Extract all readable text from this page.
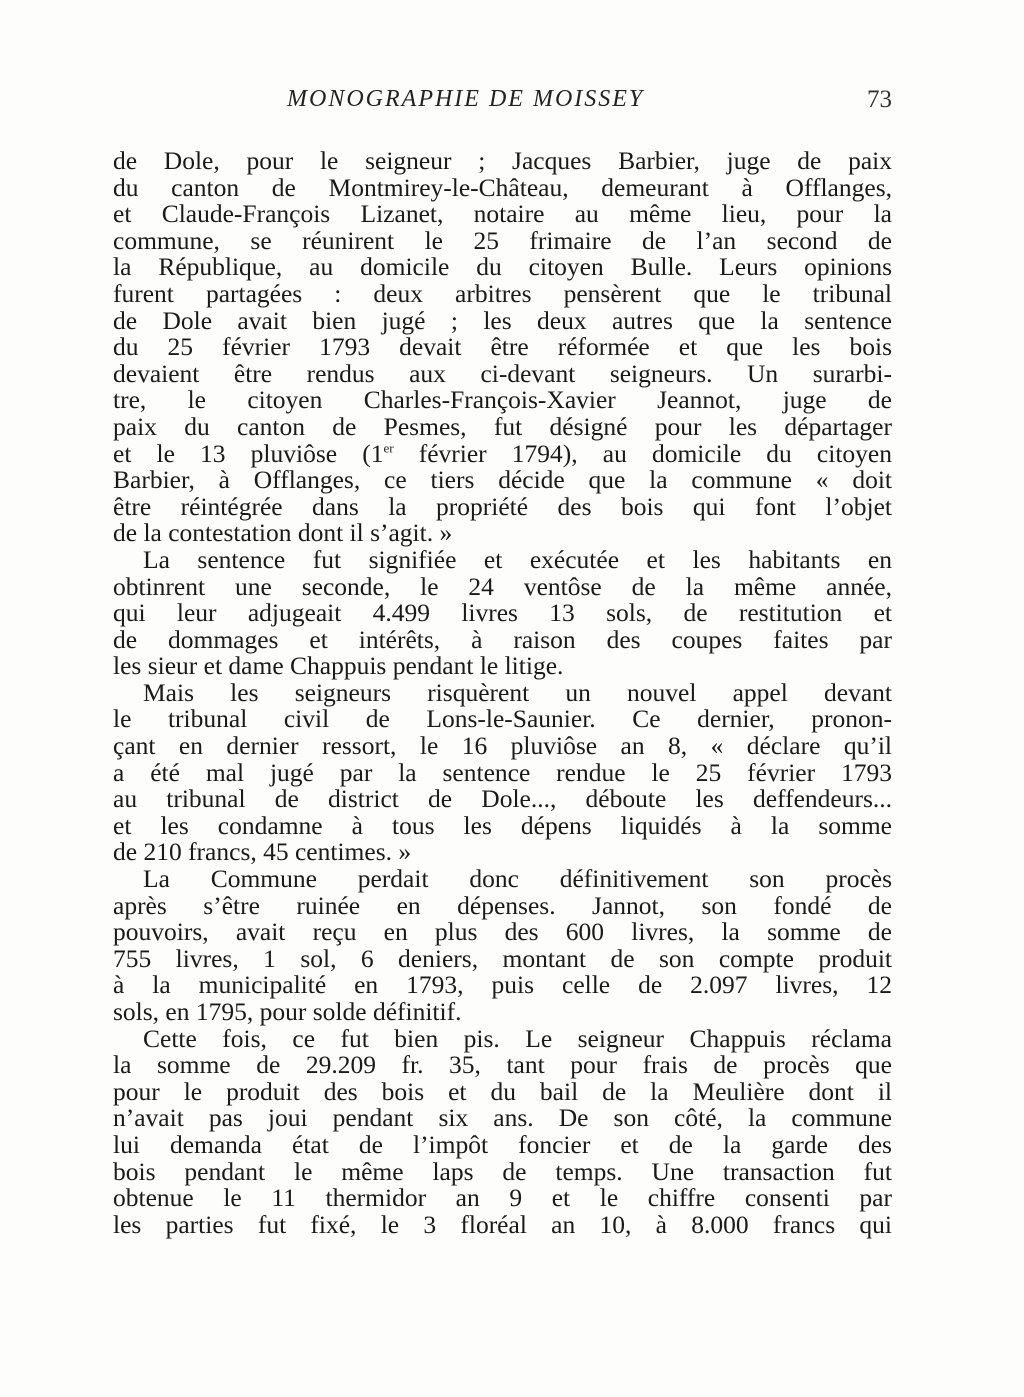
MONOGRAPHIE DE MOISSEY	73
de Dole, pour le seigneur ; Jacques Barbier, juge de paix
du canton de Montmirey-le-Château, demeurant à Offlanges,
et Claude-François Lizanet, notaire au même lieu, pour la
commune, se réunirent le 25 frimaire de l’an second de
la République, au domicile du citoyen Bulle. Leurs opinions
furent partagées : deux arbitres pensèrent que le tribunal
de Dole avait bien jugé ; les deux autres que la sentence
du 25 février 1793 devait être réformée et que les bois
devaient être rendus aux ci-devant seigneurs. Un surarbi-
tre, le citoyen Charles-François-Xavier Jeannot, juge de
paix du canton de Pesmes, fut désigné pour les départager
et le 13 pluviôse (1er février 1794), au domicile du citoyen
Barbier, à Offlanges, ce tiers décide que la commune « doit
être réintégrée dans la propriété des bois qui font l’objet
de la contestation dont il s’agit. »
La sentence fut signifiée et exécutée et les habitants en
obtinrent une seconde, le 24 ventôse de la même année,
qui leur adjugeait 4.499 livres 13 sols, de restitution et
de dommages et intérêts, à raison des coupes faites par
les sieur et dame Chappuis pendant le litige.
Mais les seigneurs risquèrent un nouvel appel devant
le tribunal civil de Lons-le-Saunier. Ce dernier, pronon-
çant en dernier ressort, le 16 pluviôse an 8, « déclare qu’il
a été mal jugé par la sentence rendue le 25 février 1793
au tribunal de district de Dole..., déboute les deffendeurs...
et les condamne à tous les dépens liquidés à la somme
de 210 francs, 45 centimes. »
La Commune perdait donc définitivement son procès
après s’être ruinée en dépenses. Jannot, son fondé de
pouvoirs, avait reçu en plus des 600 livres, la somme de
755 livres, 1 sol, 6 deniers, montant de son compte produit
à la municipalité en 1793, puis celle de 2.097 livres, 12
sols, en 1795, pour solde définitif.
Cette fois, ce fut bien pis. Le seigneur Chappuis réclama
la somme de 29.209 fr. 35, tant pour frais de procès que
pour le produit des bois et du bail de la Meulière dont il
n’avait pas joui pendant six ans. De son côté, la commune
lui demanda état de l’impôt foncier et de la garde des
bois pendant le même laps de temps. Une transaction fut
obtenue le 11 thermidor an 9 et le chiffre consenti par
les parties fut fixé, le 3 floréal an 10, à 8.000 francs qui
